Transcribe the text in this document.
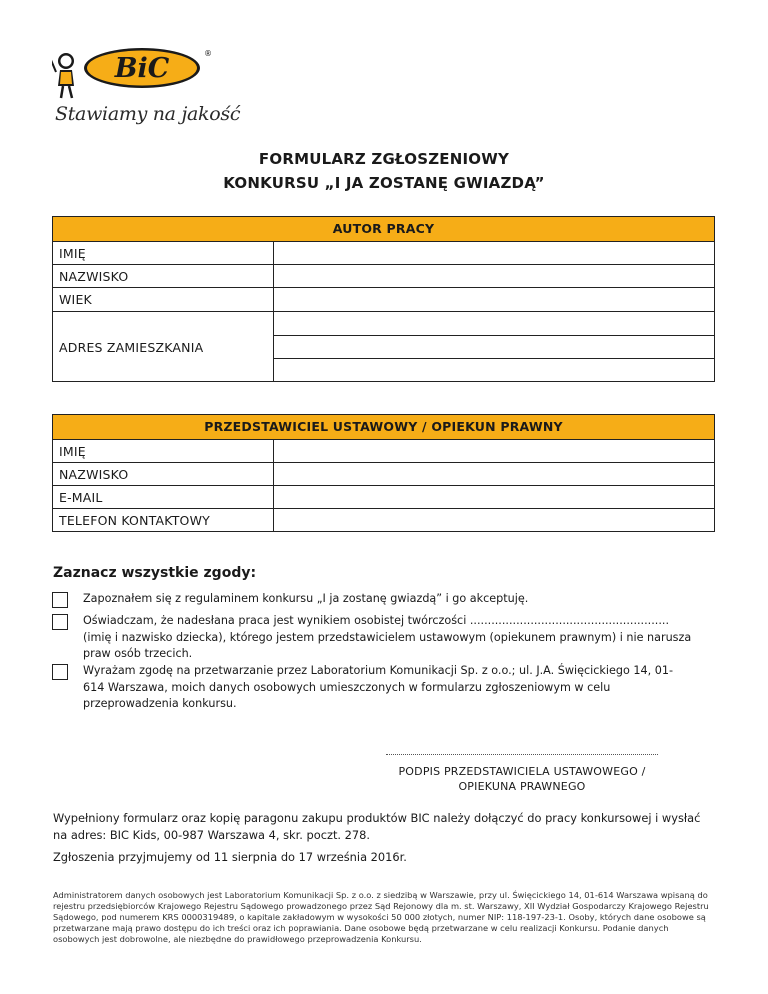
BiC	®
Stawiamy na jakość
FORMULARZ ZGŁOSZENIOWY
KONKURSU „I JA ZOSTANĘ GWIAZDĄ”
AUTOR PRACY
IMIĘ
NAZWISKO
WIEK
ADRES ZAMIESZKANIA
PRZEDSTAWICIEL USTAWOWY / OPIEKUN PRAWNY
IMIĘ
NAZWISKO
E-MAIL
TELEFON KONTAKTOWY
Zaznacz wszystkie zgody:
Zapoznałem się z regulaminem konkursu „I ja zostanę gwiazdą” i go akceptuję.
Oświadczam, że nadesłana praca jest wynikiem osobistej twórczości ........................................................ (imię i nazwisko dziecka), którego jestem przedstawicielem ustawowym (opiekunem prawnym) i nie narusza praw osób trzecich.
Wyrażam zgodę na przetwarzanie przez Laboratorium Komunikacji Sp. z o.o.; ul. J.A. Święcickiego 14, 01-614 Warszawa, moich danych osobowych umieszczonych w formularzu zgłoszeniowym w celu przeprowadzenia konkursu.
PODPIS PRZEDSTAWICIELA USTAWOWEGO / OPIEKUNA PRAWNEGO
Wypełniony formularz oraz kopię paragonu zakupu produktów BIC należy dołączyć do pracy konkursowej i wysłać na adres: BIC Kids, 00-987 Warszawa 4, skr. poczt. 278.
Zgłoszenia przyjmujemy od 11 sierpnia do 17 września 2016r.
Administratorem danych osobowych jest Laboratorium Komunikacji Sp. z o.o. z siedzibą w Warszawie, przy ul. Święcickiego 14, 01-614 Warszawa wpisaną do rejestru przedsiębiorców Krajowego Rejestru Sądowego prowadzonego przez Sąd Rejonowy dla m. st. Warszawy, XII Wydział Gospodarczy Krajowego Rejestru Sądowego, pod numerem KRS 0000319489, o kapitale zakładowym w wysokości 50 000 złotych, numer NIP: 118-197-23-1. Osoby, których dane osobowe są przetwarzane mają prawo dostępu do ich treści oraz ich poprawiania. Dane osobowe będą przetwarzane w celu realizacji Konkursu. Podanie danych osobowych jest dobrowolne, ale niezbędne do prawidłowego przeprowadzenia Konkursu.
